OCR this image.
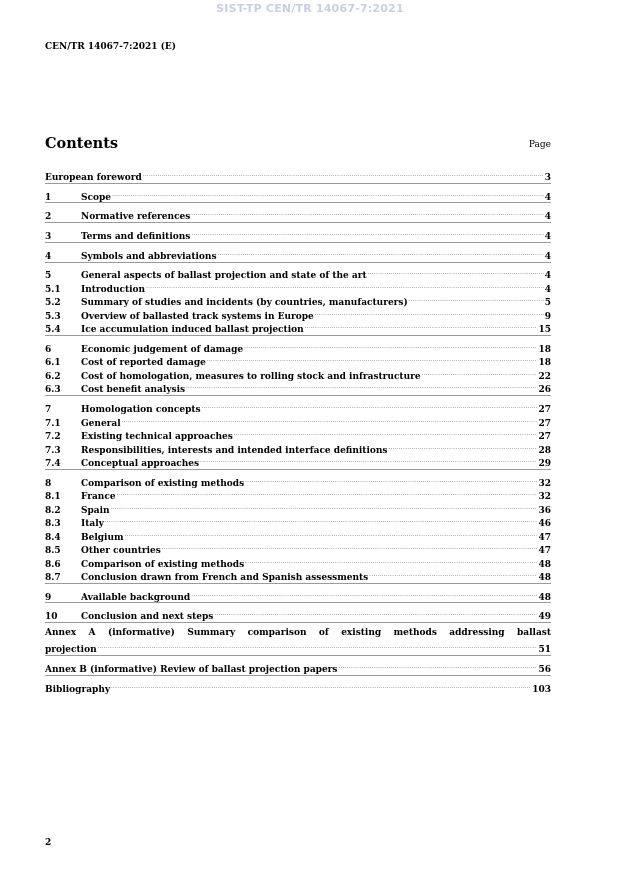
SIST-TP CEN/TR 14067-7:2021
CEN/TR 14067-7:2021 (E)
Contents	Page
European foreword .....	3
1	Scope .....	4
2	Normative references .....	4
3	Terms and definitions .....	4
4	Symbols and abbreviations .....	4
5	General aspects of ballast projection and state of the art .....	4
5.1	Introduction .....	4
5.2	Summary of studies and incidents (by countries, manufacturers) .....	5
5.3	Overview of ballasted track systems in Europe .....	9
5.4	Ice accumulation induced ballast projection .....	15
6	Economic judgement of damage .....	18
6.1	Cost of reported damage .....	18
6.2	Cost of homologation, measures to rolling stock and infrastructure .....	22
6.3	Cost benefit analysis .....	26
7	Homologation concepts .....	27
7.1	General .....	27
7.2	Existing technical approaches .....	27
7.3	Responsibilities, interests and intended interface definitions .....	28
7.4	Conceptual approaches .....	29
8	Comparison of existing methods .....	32
8.1	France .....	32
8.2	Spain .....	36
8.3	Italy .....	46
8.4	Belgium .....	47
8.5	Other countries .....	47
8.6	Comparison of existing methods .....	48
8.7	Conclusion drawn from French and Spanish assessments .....	48
9	Available background .....	48
10	Conclusion and next steps .....	49
Annex A (informative) Summary comparison of existing methods addressing ballast
projection .....	51
Annex B (informative) Review of ballast projection papers .....	56
Bibliography .....	103
2
